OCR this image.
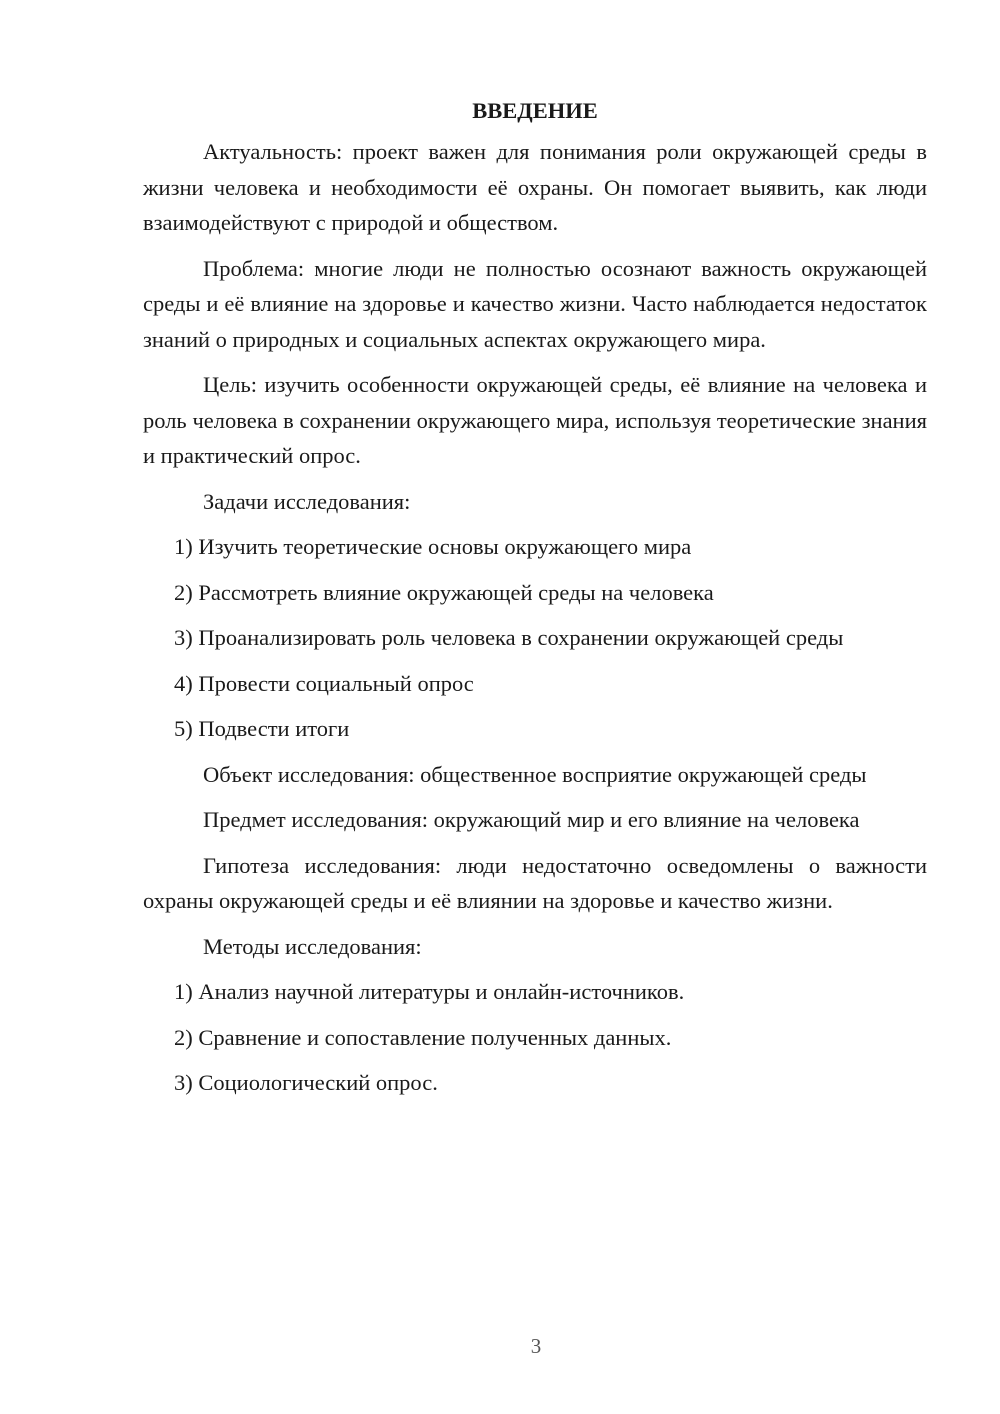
ВВЕДЕНИЕ

Актуальность: проект важен для понимания роли окружающей среды в жизни человека и необходимости её охраны. Он помогает выявить, как люди взаимодействуют с природой и обществом.

Проблема: многие люди не полностью осознают важность окружающей среды и её влияние на здоровье и качество жизни. Часто наблюдается недостаток знаний о природных и социальных аспектах окружающего мира.

Цель: изучить особенности окружающей среды, её влияние на человека и роль человека в сохранении окружающего мира, используя теоретические знания и практический опрос.

Задачи исследования:
1) Изучить теоретические основы окружающего мира
2) Рассмотреть влияние окружающей среды на человека
3) Проанализировать роль человека в сохранении окружающей среды
4) Провести социальный опрос
5) Подвести итоги

Объект исследования: общественное восприятие окружающей среды

Предмет исследования: окружающий мир и его влияние на человека

Гипотеза исследования: люди недостаточно осведомлены о важности охраны окружающей среды и её влиянии на здоровье и качество жизни.

Методы исследования:
1) Анализ научной литературы и онлайн-источников.
2) Сравнение и сопоставление полученных данных.
3) Социологический опрос.
3
